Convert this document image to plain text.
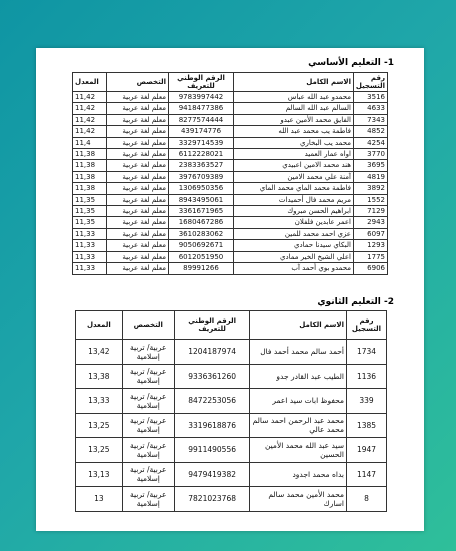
1- التعليم الأساسي
رقم التسجيل	الاسم الكامل	الرقم الوطني للتعريف	التخصص	المعدل
3516	محمدو عبد الله عباس	9783997442	معلم لغة عربية	11,42
4633	السالم عبد الله السالم	9418477386	معلم لغة عربية	11,42
7343	الفايق محمد الأمين عبدو	8277574444	معلم لغة عربية	11,42
4852	فاطمة يب محمد عبد الله	439174776	معلم لغة عربية	11,42
4254	محمد يب البخاري	3329714539	معلم لغة عربية	11,4
3770	اواه عمار العميد	6112228021	معلم لغة عربية	11,38
3695	هند محمد الامين اعبيدي	2383363527	معلم لغة عربية	11,38
4819	آمنة علي محمد الامين	3976709389	معلم لغة عربية	11,38
3892	فاطمة محمد الماي محمد الماي	1306950356	معلم لغة عربية	11,38
1552	مريم محمد فال أحميدات	8943495061	معلم لغة عربية	11,35
7129	ابراهيم الحسن مبروك	3361671965	معلم لغة عربية	11,35
2943	اعمر عابدين فلفلان	1680467286	معلم لغة عربية	11,35
6097	عزي احمد محمد للمين	3610283062	معلم لغة عربية	11,33
1293	البكاي سيدنا حمادي	9050692671	معلم لغة عربية	11,33
1775	اعلي الشيخ الخير ممادي	6012051950	معلم لغة عربية	11,33
6906	محمدو بوي أحمد آب	89991266	معلم لغة عربية	11,33
2- التعليم الثانوي
رقم التسجيل	الاسم الكامل	الرقم الوطني للتعريف	التخصص	المعدل
1734	أحمد سالم محمد أحمد فال	1204187974	عربية/ تربية إسلامية	13,42
1136	الطيب عبد القادر جدو	9336361260	عربية/ تربية إسلامية	13,38
339	محفوظ ابات سيد اعمر	8472253056	عربية/ تربية إسلامية	13,33
1385	محمد عبد الرحمن احمد سالم محمد عالي	3319618876	عربية/ تربية إسلامية	13,25
1947	سيد عبد الله محمد الأمين الحسين	9911490556	عربية/ تربية إسلامية	13,25
1147	بداه محمد اجدود	9479419382	عربية/ تربية إسلامية	13,13
8	محمد الأمين محمد سالم اسارك	7821023768	عربية/ تربية إسلامية	13
